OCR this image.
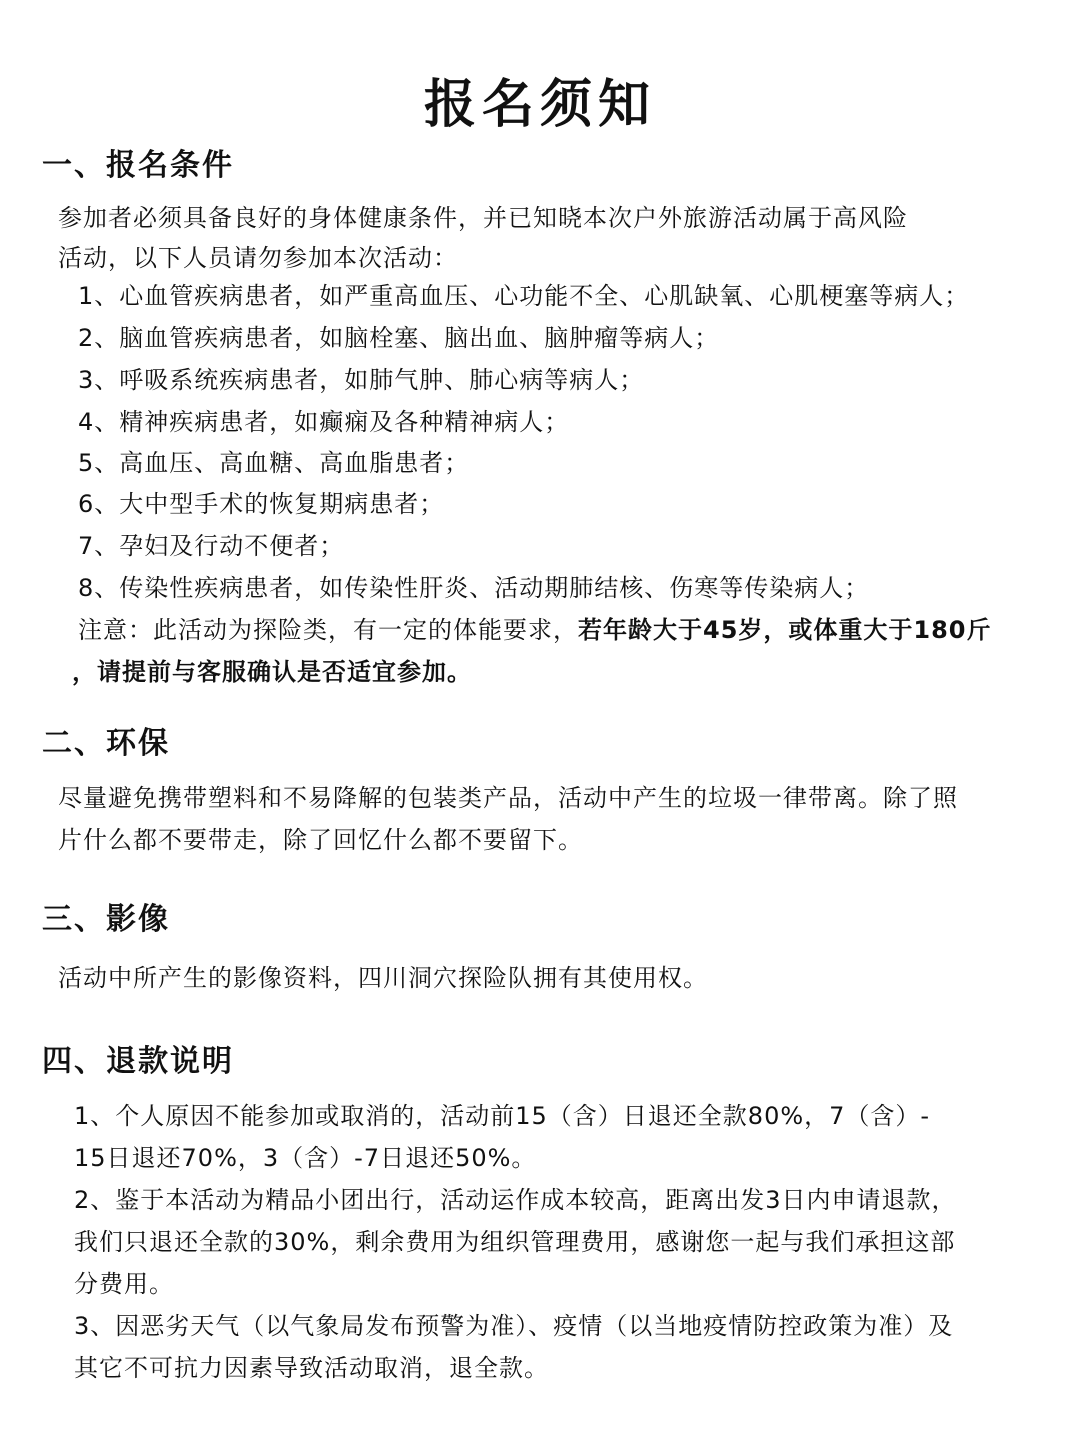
报名须知
一、报名条件
参加者必须具备良好的身体健康条件，并已知晓本次户外旅游活动属于高风险
活动，以下人员请勿参加本次活动：
1、心血管疾病患者，如严重高血压、心功能不全、心肌缺氧、心肌梗塞等病人；
2、脑血管疾病患者，如脑栓塞、脑出血、脑肿瘤等病人；
3、呼吸系统疾病患者，如肺气肿、肺心病等病人；
4、精神疾病患者，如癫痫及各种精神病人；
5、高血压、高血糖、高血脂患者；
6、大中型手术的恢复期病患者；
7、孕妇及行动不便者；
8、传染性疾病患者，如传染性肝炎、活动期肺结核、伤寒等传染病人；
注意：此活动为探险类，有一定的体能要求，若年龄大于45岁，或体重大于180斤
，请提前与客服确认是否适宜参加。
二、环保
尽量避免携带塑料和不易降解的包装类产品，活动中产生的垃圾一律带离。除了照
片什么都不要带走，除了回忆什么都不要留下。
三、影像
活动中所产生的影像资料，四川洞穴探险队拥有其使用权。
四、退款说明
1、个人原因不能参加或取消的，活动前15（含）日退还全款80%，7（含）-
15日退还70%，3（含）-7日退还50%。
2、鉴于本活动为精品小团出行，活动运作成本较高，距离出发3日内申请退款，
我们只退还全款的30%，剩余费用为组织管理费用，感谢您一起与我们承担这部
分费用。
3、因恶劣天气（以气象局发布预警为准）、疫情（以当地疫情防控政策为准）及
其它不可抗力因素导致活动取消，退全款。
